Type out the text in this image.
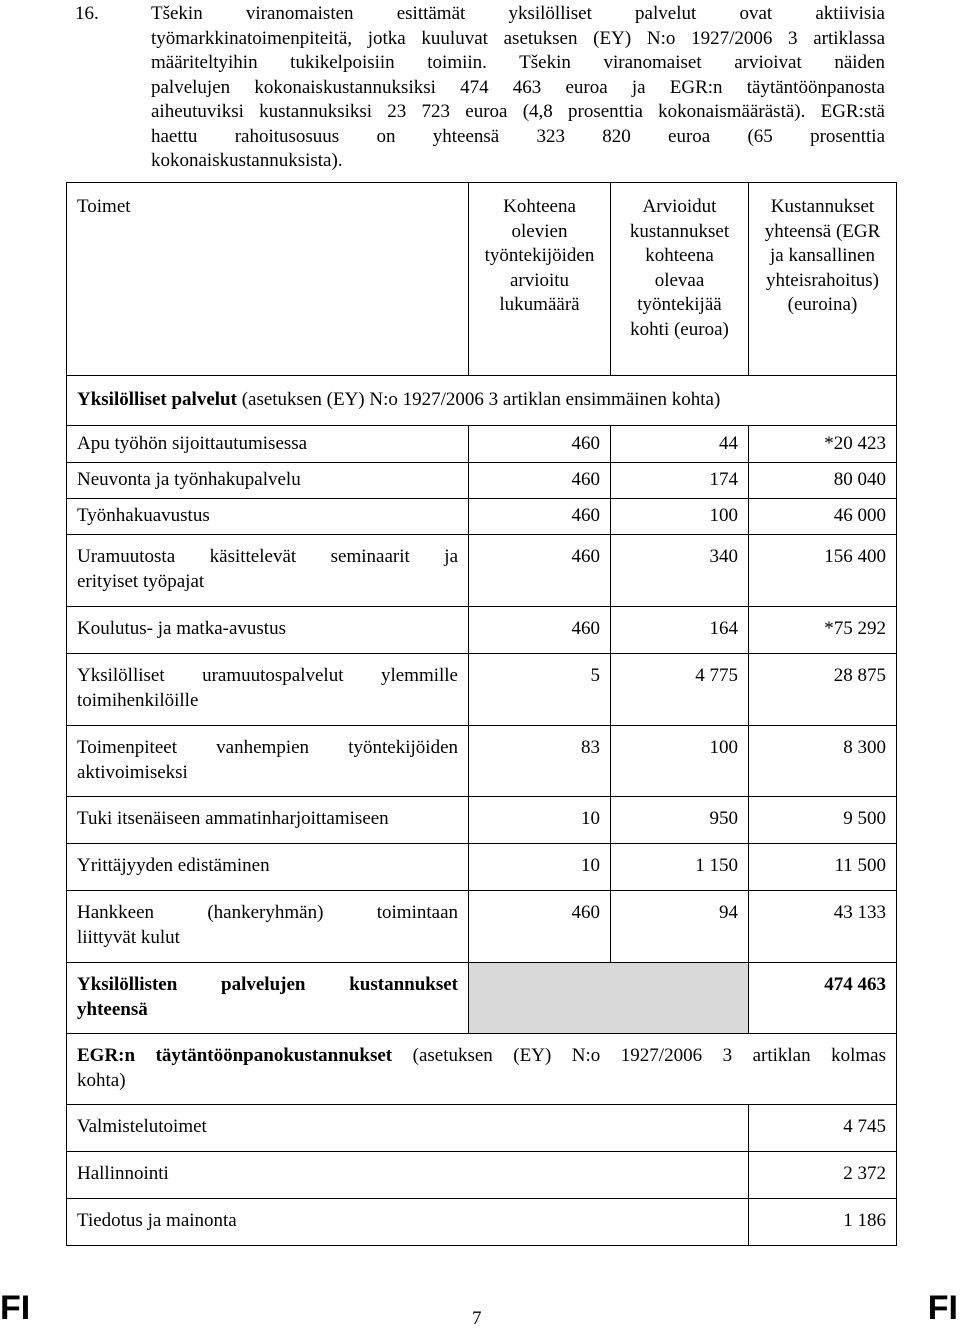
16.	Tšekin viranomaisten esittämät yksilölliset palvelut ovat aktiivisia
työmarkkinatoimenpiteitä, jotka kuuluvat asetuksen (EY) N:o 1927/2006 3 artiklassa
määriteltyihin tukikelpoisiin toimiin. Tšekin viranomaiset arvioivat näiden
palvelujen kokonaiskustannuksiksi 474 463 euroa ja EGR:n täytäntöönpanosta
aiheutuviksi kustannuksiksi 23 723 euroa (4,8 prosenttia kokonaismäärästä). EGR:stä
haettu rahoitusosuus on yhteensä 323 820 euroa (65 prosenttia
kokonaiskustannuksista).
Toimet	Kohteena olevien työntekijöiden arvioitu lukumäärä	Arvioidut kustannukset kohteena olevaa työntekijää kohti (euroa)	Kustannukset yhteensä (EGR ja kansallinen yhteisrahoitus) (euroina)
Yksilölliset palvelut (asetuksen (EY) N:o 1927/2006 3 artiklan ensimmäinen kohta)			
Apu työhön sijoittautumisessa	460	44	*20 423
Neuvonta ja työnhakupalvelu	460	174	80 040
Työnhakuavustus	460	100	46 000

Uramuutosta käsittelevät seminaarit ja
erityiset työpajat	460	340	156 400
Koulutus- ja matka-avustus	460	164	*75 292

Yksilölliset uramuutospalvelut ylemmille
toimihenkilöille	5	4 775	28 875

Toimenpiteet vanhempien työntekijöiden
aktivoimiseksi	83	100	8 300
Tuki itsenäiseen ammatinharjoittamiseen	10	950	9 500
Yrittäjyyden edistäminen	10	1 150	11 500

Hankkeen (hankeryhmän) toimintaan
liittyvät kulut	460	94	43 133

Yksilöllisten palvelujen kustannukset
yhteensä			474 463

EGR:n täytäntöönpanokustannukset (asetuksen (EY) N:o 1927/2006 3 artiklan kolmas
kohta)			

Valmistelutoimet			4 745
Hallinnointi			2 372
Tiedotus ja mainonta			1 186
FI	7	FI
